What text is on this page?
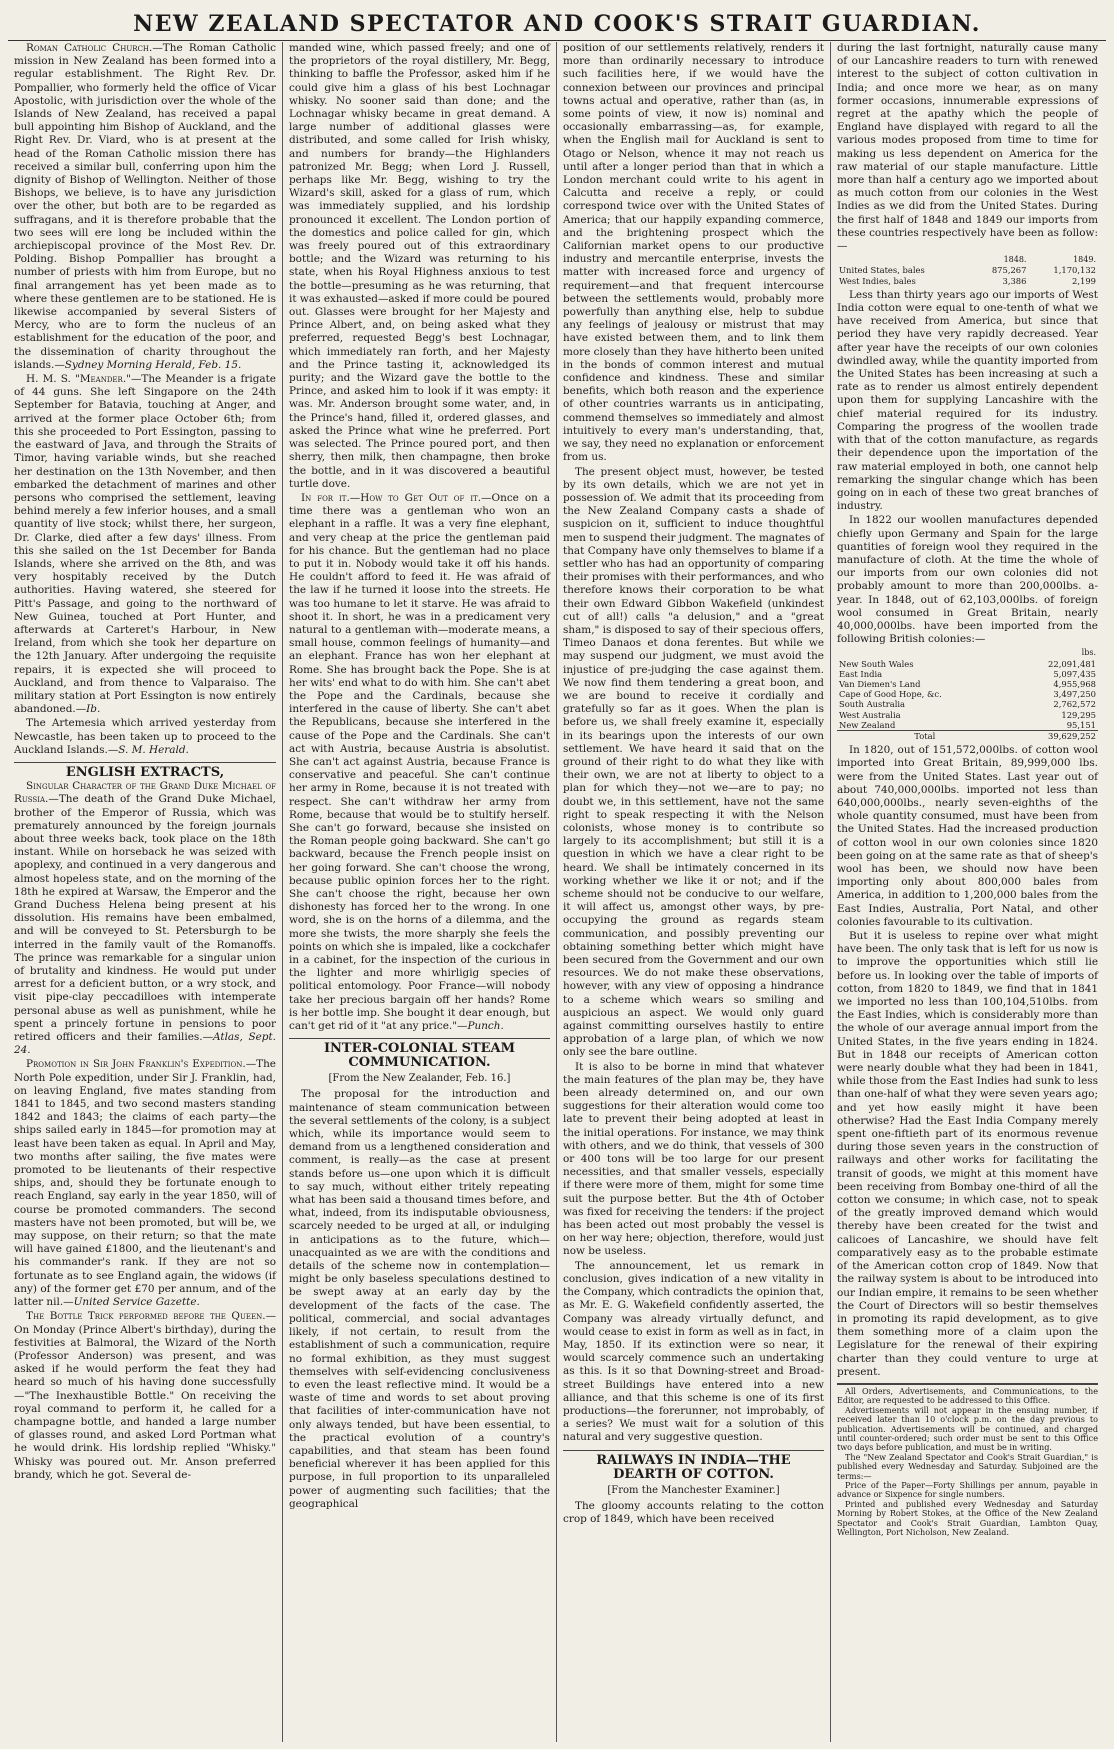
NEW ZEALAND SPECTATOR AND COOK'S STRAIT GUARDIAN.

Roman Catholic Church.—The Roman Catholic mission in New Zealand has been formed into a regular establishment. The Right Rev. Dr. Pompallier, who formerly held the office of Vicar Apostolic, with jurisdiction over the whole of the Islands of New Zealand, has received a papal bull appointing him Bishop of Auckland, and the Right Rev. Dr. Viard, who is at present at the head of the Roman Catholic mission there has received a similar bull, conferring upon him the dignity of Bishop of Wellington. Neither of those Bishops, we believe, is to have any jurisdiction over the other, but both are to be regarded as suffragans, and it is therefore probable that the two sees will ere long be included within the archiepiscopal province of the Most Rev. Dr. Polding. Bishop Pompallier has brought a number of priests with him from Europe, but no final arrangement has yet been made as to where these gentlemen are to be stationed. He is likewise accompanied by several Sisters of Mercy, who are to form the nucleus of an establishment for the education of the poor, and the dissemination of charity throughout the islands.—Sydney Morning Herald, Feb. 15.

H. M. S. "Meander."—The Meander is a frigate of 44 guns. She left Singapore on the 24th September for Batavia, touching at Anger, and arrived at the former place October 6th; from this she proceeded to Port Essington, passing to the eastward of Java, and through the Straits of Timor, having variable winds, but she reached her destination on the 13th November, and then embarked the detachment of marines and other persons who comprised the settlement, leaving behind merely a few inferior houses, and a small quantity of live stock; whilst there, her surgeon, Dr. Clarke, died after a few days' illness. From this she sailed on the 1st December for Banda Islands, where she arrived on the 8th, and was very hospitably received by the Dutch authorities. Having watered, she steered for Pitt's Passage, and going to the northward of New Guinea, touched at Port Hunter, and afterwards at Carteret's Harbour, in New Ireland, from which she took her departure on the 12th January. After undergoing the requisite repairs, it is expected she will proceed to Auckland, and from thence to Valparaiso. The military station at Port Essington is now entirely abandoned.—Ib.

The Artemesia which arrived yesterday from Newcastle, has been taken up to proceed to the Auckland Islands.—S. M. Herald.

ENGLISH EXTRACTS,

Singular Character of the Grand Duke Michael of Russia.—The death of the Grand Duke Michael, brother of the Emperor of Russia, which was prematurely announced by the foreign journals about three weeks back, took place on the 18th instant. While on horseback he was seized with apoplexy, and continued in a very dangerous and almost hopeless state, and on the morning of the 18th he expired at Warsaw, the Emperor and the Grand Duchess Helena being present at his dissolution. His remains have been embalmed, and will be conveyed to St. Petersburgh to be interred in the family vault of the Romanoffs. The prince was remarkable for a singular union of brutality and kindness. He would put under arrest for a deficient button, or a wry stock, and visit pipe-clay peccadilloes with intemperate personal abuse as well as punishment, while he spent a princely fortune in pensions to poor retired officers and their families.—Atlas, Sept. 24.

Promotion in Sir John Franklin's Expedition.—The North Pole expedition, under Sir J. Franklin, had, on leaving England, five mates standing from 1841 to 1845, and two second masters standing 1842 and 1843; the claims of each party—the ships sailed early in 1845—for promotion may at least have been taken as equal. In April and May, two months after sailing, the five mates were promoted to be lieutenants of their respective ships, and, should they be fortunate enough to reach England, say early in the year 1850, will of course be promoted commanders. The second masters have not been promoted, but will be, we may suppose, on their return; so that the mate will have gained £1800, and the lieutenant's and his commander's rank. If they are not so fortunate as to see England again, the widows (if any) of the former get £70 per annum, and of the latter nil.—United Service Gazette.

The Bottle Trick performed before the Queen.—On Monday (Prince Albert's birthday), during the festivities at Balmoral, the Wizard of the North (Professor Anderson) was present, and was asked if he would perform the feat they had heard so much of his having done successfully—"The Inexhaustible Bottle." On receiving the royal command to perform it, he called for a champagne bottle, and handed a large number of glasses round, and asked Lord Portman what he would drink. His lordship replied "Whisky." Whisky was poured out. Mr. Anson preferred brandy, which he got. Several de-

manded wine, which passed freely; and one of the proprietors of the royal distillery, Mr. Begg, thinking to baffle the Professor, asked him if he could give him a glass of his best Lochnagar whisky. No sooner said than done; and the Lochnagar whisky became in great demand. A large number of additional glasses were distributed, and some called for Irish whisky, and numbers for brandy—the Highlanders patronized Mr. Begg; when Lord J. Russell, perhaps like Mr. Begg, wishing to try the Wizard's skill, asked for a glass of rum, which was immediately supplied, and his lordship pronounced it excellent. The London portion of the domestics and police called for gin, which was freely poured out of this extraordinary bottle; and the Wizard was returning to his state, when his Royal Highness anxious to test the bottle—presuming as he was returning, that it was exhausted—asked if more could be poured out. Glasses were brought for her Majesty and Prince Albert, and, on being asked what they preferred, requested Begg's best Lochnagar, which immediately ran forth, and her Majesty and the Prince tasting it, acknowledged its purity; and the Wizard gave the bottle to the Prince, and asked him to look if it was empty: it was. Mr. Anderson brought some water, and, in the Prince's hand, filled it, ordered glasses, and asked the Prince what wine he preferred. Port was selected. The Prince poured port, and then sherry, then milk, then champagne, then broke the bottle, and in it was discovered a beautiful turtle dove.

In for it.—How to Get Out of it.—Once on a time there was a gentleman who won an elephant in a raffle. It was a very fine elephant, and very cheap at the price the gentleman paid for his chance. But the gentleman had no place to put it in. Nobody would take it off his hands. He couldn't afford to feed it. He was afraid of the law if he turned it loose into the streets. He was too humane to let it starve. He was afraid to shoot it. In short, he was in a predicament very natural to a gentleman with—moderate means, a small house, common feelings of humanity—and an elephant. France has won her elephant at Rome. She has brought back the Pope. She is at her wits' end what to do with him. She can't abet the Pope and the Cardinals, because she interfered in the cause of liberty. She can't abet the Republicans, because she interfered in the cause of the Pope and the Cardinals. She can't act with Austria, because Austria is absolutist. She can't act against Austria, because France is conservative and peaceful. She can't continue her army in Rome, because it is not treated with respect. She can't withdraw her army from Rome, because that would be to stultify herself. She can't go forward, because she insisted on the Roman people going backward. She can't go backward, because the French people insist on her going forward. She can't choose the wrong, because public opinion forces her to the right. She can't choose the right, because her own dishonesty has forced her to the wrong. In one word, she is on the horns of a dilemma, and the more she twists, the more sharply she feels the points on which she is impaled, like a cockchafer in a cabinet, for the inspection of the curious in the lighter and more whirligig species of political entomology. Poor France—will nobody take her precious bargain off her hands? Rome is her bottle imp. She bought it dear enough, but can't get rid of it "at any price."—Punch.

INTER-COLONIAL STEAM COMMUNICATION.
[From the New Zealander, Feb. 16.]

The proposal for the introduction and maintenance of steam communication between the several settlements of the colony, is a subject which, while its importance would seem to demand from us a lengthened consideration and comment, is really—as the case at present stands before us—one upon which it is difficult to say much, without either tritely repeating what has been said a thousand times before, and what, indeed, from its indisputable obviousness, scarcely needed to be urged at all, or indulging in anticipations as to the future, which—unacquainted as we are with the conditions and details of the scheme now in contemplation—might be only baseless speculations destined to be swept away at an early day by the development of the facts of the case. The political, commercial, and social advantages likely, if not certain, to result from the establishment of such a communication, require no formal exhibition, as they must suggest themselves with self-evidencing conclusiveness to even the least reflective mind. It would be a waste of time and words to set about proving that facilities of inter-communication have not only always tended, but have been essential, to the practical evolution of a country's capabilities, and that steam has been found beneficial wherever it has been applied for this purpose, in full proportion to its unparalleled power of augmenting such facilities; that the geographical

position of our settlements relatively, renders it more than ordinarily necessary to introduce such facilities here, if we would have the connexion between our provinces and principal towns actual and operative, rather than (as, in some points of view, it now is) nominal and occasionally embarrassing—as, for example, when the English mail for Auckland is sent to Otago or Nelson, whence it may not reach us until after a longer period than that in which a London merchant could write to his agent in Calcutta and receive a reply, or could correspond twice over with the United States of America; that our happily expanding commerce, and the brightening prospect which the Californian market opens to our productive industry and mercantile enterprise, invests the matter with increased force and urgency of requirement—and that frequent intercourse between the settlements would, probably more powerfully than anything else, help to subdue any feelings of jealousy or mistrust that may have existed between them, and to link them more closely than they have hitherto been united in the bonds of common interest and mutual confidence and kindness. These and similar benefits, which both reason and the experience of other countries warrants us in anticipating, commend themselves so immediately and almost intuitively to every man's understanding, that, we say, they need no explanation or enforcement from us.

The present object must, however, be tested by its own details, which we are not yet in possession of. We admit that its proceeding from the New Zealand Company casts a shade of suspicion on it, sufficient to induce thoughtful men to suspend their judgment. The magnates of that Company have only themselves to blame if a settler who has had an opportunity of comparing their promises with their performances, and who therefore knows their corporation to be what their own Edward Gibbon Wakefield (unkindest cut of all!) calls "a delusion," and a "great sham," is disposed to say of their specious offers, Timeo Danaos et dona ferentes. But while we may suspend our judgment, we must avoid the injustice of pre-judging the case against them. We now find them tendering a great boon, and we are bound to receive it cordially and gratefully so far as it goes. When the plan is before us, we shall freely examine it, especially in its bearings upon the interests of our own settlement. We have heard it said that on the ground of their right to do what they like with their own, we are not at liberty to object to a plan for which they—not we—are to pay; no doubt we, in this settlement, have not the same right to speak respecting it with the Nelson colonists, whose money is to contribute so largely to its accomplishment; but still it is a question in which we have a clear right to be heard. We shall be intimately concerned in its working whether we like it or not; and if the scheme should not be conducive to our welfare, it will affect us, amongst other ways, by pre-occupying the ground as regards steam communication, and possibly preventing our obtaining something better which might have been secured from the Government and our own resources. We do not make these observations, however, with any view of opposing a hindrance to a scheme which wears so smiling and auspicious an aspect. We would only guard against committing ourselves hastily to entire approbation of a large plan, of which we now only see the bare outline.

It is also to be borne in mind that whatever the main features of the plan may be, they have been already determined on, and our own suggestions for their alteration would come too late to prevent their being adopted at least in the initial operations. For instance, we may think with others, and we do think, that vessels of 300 or 400 tons will be too large for our present necessities, and that smaller vessels, especially if there were more of them, might for some time suit the purpose better. But the 4th of October was fixed for receiving the tenders: if the project has been acted out most probably the vessel is on her way here; objection, therefore, would just now be useless.

The announcement, let us remark in conclusion, gives indication of a new vitality in the Company, which contradicts the opinion that, as Mr. E. G. Wakefield confidently asserted, the Company was already virtually defunct, and would cease to exist in form as well as in fact, in May, 1850. If its extinction were so near, it would scarcely commence such an undertaking as this. Is it so that Downing-street and Broad-street Buildings have entered into a new alliance, and that this scheme is one of its first productions—the forerunner, not improbably, of a series? We must wait for a solution of this natural and very suggestive question.

RAILWAYS IN INDIA—THE DEARTH OF COTTON.
[From the Manchester Examiner.]

The gloomy accounts relating to the cotton crop of 1849, which have been received

during the last fortnight, naturally cause many of our Lancashire readers to turn with renewed interest to the subject of cotton cultivation in India; and once more we hear, as on many former occasions, innumerable expressions of regret at the apathy which the people of England have displayed with regard to all the various modes proposed from time to time for making us less dependent on America for the raw material of our staple manufacture. Little more than half a century ago we imported about as much cotton from our colonies in the West Indies as we did from the United States. During the first half of 1848 and 1849 our imports from these countries respectively have been as follow:—

	1848.	1849.
United States, bales	875,267	1,170,132
West Indies, bales	3,386	2,199

Less than thirty years ago our imports of West India cotton were equal to one-tenth of what we have received from America, but since that period they have very rapidly decreased. Year after year have the receipts of our own colonies dwindled away, while the quantity imported from the United States has been increasing at such a rate as to render us almost entirely dependent upon them for supplying Lancashire with the chief material required for its industry. Comparing the progress of the woollen trade with that of the cotton manufacture, as regards their dependence upon the importation of the raw material employed in both, one cannot help remarking the singular change which has been going on in each of these two great branches of industry.

In 1822 our woollen manufactures depended chiefly upon Germany and Spain for the large quantities of foreign wool they required in the manufacture of cloth. At the time the whole of our imports from our own colonies did not probably amount to more than 200,000lbs. a-year. In 1848, out of 62,103,000lbs. of foreign wool consumed in Great Britain, nearly 40,000,000lbs. have been imported from the following British colonies:—

	lbs.
New South Wales	22,091,481
East India	5,097,435
Van Diemen's Land	4,955,968
Cape of Good Hope, &c.	3,497,250
South Australia	2,762,572
West Australia	129,295
New Zealand	95,151
Total	39,629,252

In 1820, out of 151,572,000lbs. of cotton wool imported into Great Britain, 89,999,000 lbs. were from the United States. Last year out of about 740,000,000lbs. imported not less than 640,000,000lbs., nearly seven-eighths of the whole quantity consumed, must have been from the United States. Had the increased production of cotton wool in our own colonies since 1820 been going on at the same rate as that of sheep's wool has been, we should now have been importing only about 800,000 bales from America, in addition to 1,200,000 bales from the East Indies, Australia, Port Natal, and other colonies favourable to its cultivation.

But it is useless to repine over what might have been. The only task that is left for us now is to improve the opportunities which still lie before us. In looking over the table of imports of cotton, from 1820 to 1849, we find that in 1841 we imported no less than 100,104,510lbs. from the East Indies, which is considerably more than the whole of our average annual import from the United States, in the five years ending in 1824. But in 1848 our receipts of American cotton were nearly double what they had been in 1841, while those from the East Indies had sunk to less than one-half of what they were seven years ago; and yet how easily might it have been otherwise? Had the East India Company merely spent one-fiftieth part of its enormous revenue during those seven years in the construction of railways and other works for facilitating the transit of goods, we might at this moment have been receiving from Bombay one-third of all the cotton we consume; in which case, not to speak of the greatly improved demand which would thereby have been created for the twist and calicoes of Lancashire, we should have felt comparatively easy as to the probable estimate of the American cotton crop of 1849. Now that the railway system is about to be introduced into our Indian empire, it remains to be seen whether the Court of Directors will so bestir themselves in promoting its rapid development, as to give them something more of a claim upon the Legislature for the renewal of their expiring charter than they could venture to urge at present.

All Orders, Advertisements, and Communications, to the Editor, are requested to be addressed to this Office.

Advertisements will not appear in the ensuing number, if received later than 10 o'clock p.m. on the day previous to publication. Advertisements will be continued, and charged until counter-ordered; such order must be sent to this Office two days before publication, and must be in writing.

The "New Zealand Spectator and Cook's Strait Guardian," is published every Wednesday and Saturday. Subjoined are the terms:—

Price of the Paper—Forty Shillings per annum, payable in advance or Sixpence for single numbers.

Printed and published every Wednesday and Saturday Morning by Robert Stokes, at the Office of the New Zealand Spectator and Cook's Strait Guardian, Lambton Quay, Wellington, Port Nicholson, New Zealand.
